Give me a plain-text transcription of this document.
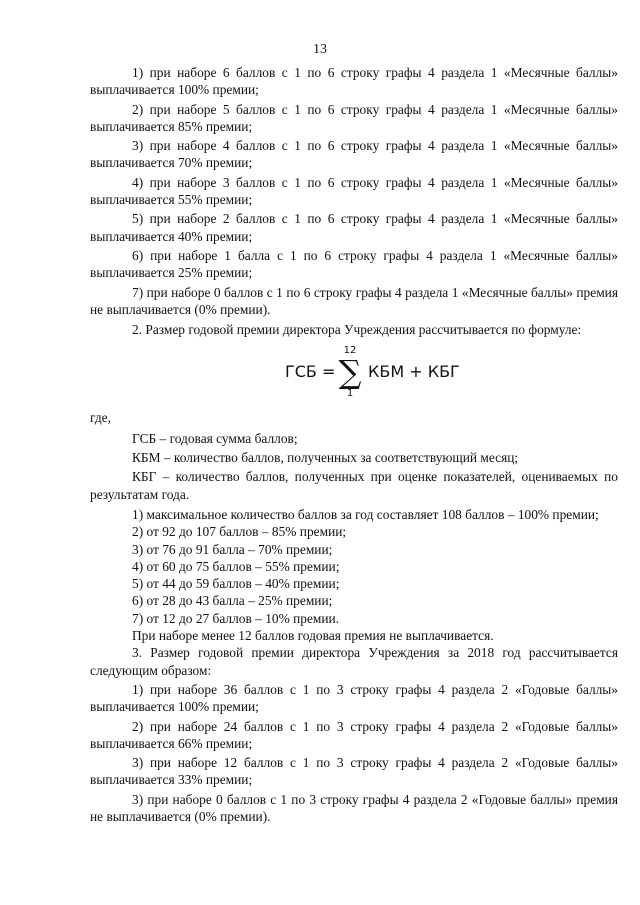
13

1) при наборе 6 баллов с 1 по 6 строку графы 4 раздела 1 «Месячные баллы» выплачивается 100% премии;

2) при наборе 5 баллов с 1 по 6 строку графы 4 раздела 1 «Месячные баллы» выплачивается 85% премии;

3) при наборе 4 баллов с 1 по 6 строку графы 4 раздела 1 «Месячные баллы» выплачивается 70% премии;

4) при наборе 3 баллов с 1 по 6 строку графы 4 раздела 1 «Месячные баллы» выплачивается 55% премии;

5) при наборе 2 баллов с 1 по 6 строку графы 4 раздела 1 «Месячные баллы» выплачивается 40% премии;

6) при наборе 1 балла с 1 по 6 строку графы 4 раздела 1 «Месячные баллы» выплачивается 25% премии;

7) при наборе 0 баллов с 1 по 6 строку графы 4 раздела 1 «Месячные баллы» премия не выплачивается (0% премии).

2. Размер годовой премии директора Учреждения рассчитывается по формуле:

ГСБ =
12
∑
1
КБМ + КБГ

где,

ГСБ – годовая сумма баллов;

КБМ – количество баллов, полученных за соответствующий месяц;

КБГ – количество баллов, полученных при оценке показателей, оцениваемых по результатам года.

1) максимальное количество баллов за год составляет 108 баллов – 100% премии;

2) от 92 до 107 баллов – 85% премии;

3) от 76 до 91 балла – 70% премии;

4) от 60 до 75 баллов – 55% премии;

5) от 44 до 59 баллов – 40% премии;

6) от 28 до 43 балла – 25% премии;

7) от 12 до 27 баллов – 10% премии.

При наборе менее 12 баллов годовая премия не выплачивается.

3. Размер годовой премии директора Учреждения за 2018 год рассчитывается следующим образом:

1) при наборе 36 баллов с 1 по 3 строку графы 4 раздела 2 «Годовые баллы» выплачивается 100% премии;

2) при наборе 24 баллов с 1 по 3 строку графы 4 раздела 2 «Годовые баллы» выплачивается 66% премии;

3) при наборе 12 баллов с 1 по 3 строку графы 4 раздела 2 «Годовые баллы» выплачивается 33% премии;

3) при наборе 0 баллов с 1 по 3 строку графы 4 раздела 2 «Годовые баллы» премия не выплачивается (0% премии).
